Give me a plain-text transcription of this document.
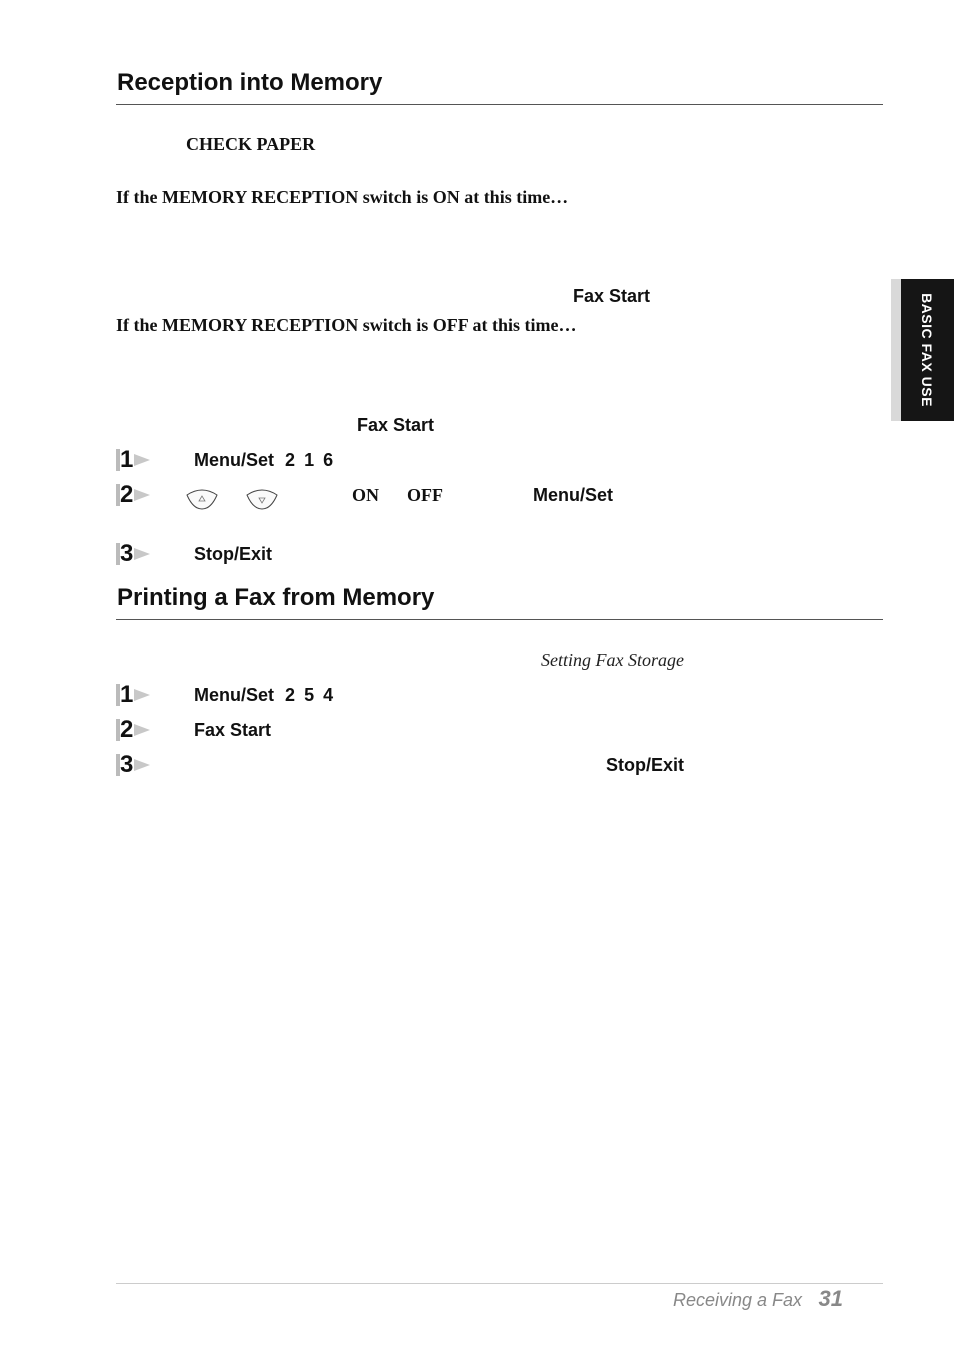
Reception into Memory
CHECK PAPER
If the MEMORY RECEPTION switch is ON at this time…
Fax Start
If the MEMORY RECEPTION switch is OFF at this time…
Fax Start
1	Menu/Set 2 1 6
2	ON OFF	Menu/Set
3	Stop/Exit
Printing a Fax from Memory
Setting Fax Storage
1	Menu/Set 2 5 4
2	Fax Start
3	Stop/Exit
BASIC FAX USE
Receiving a Fax 31
